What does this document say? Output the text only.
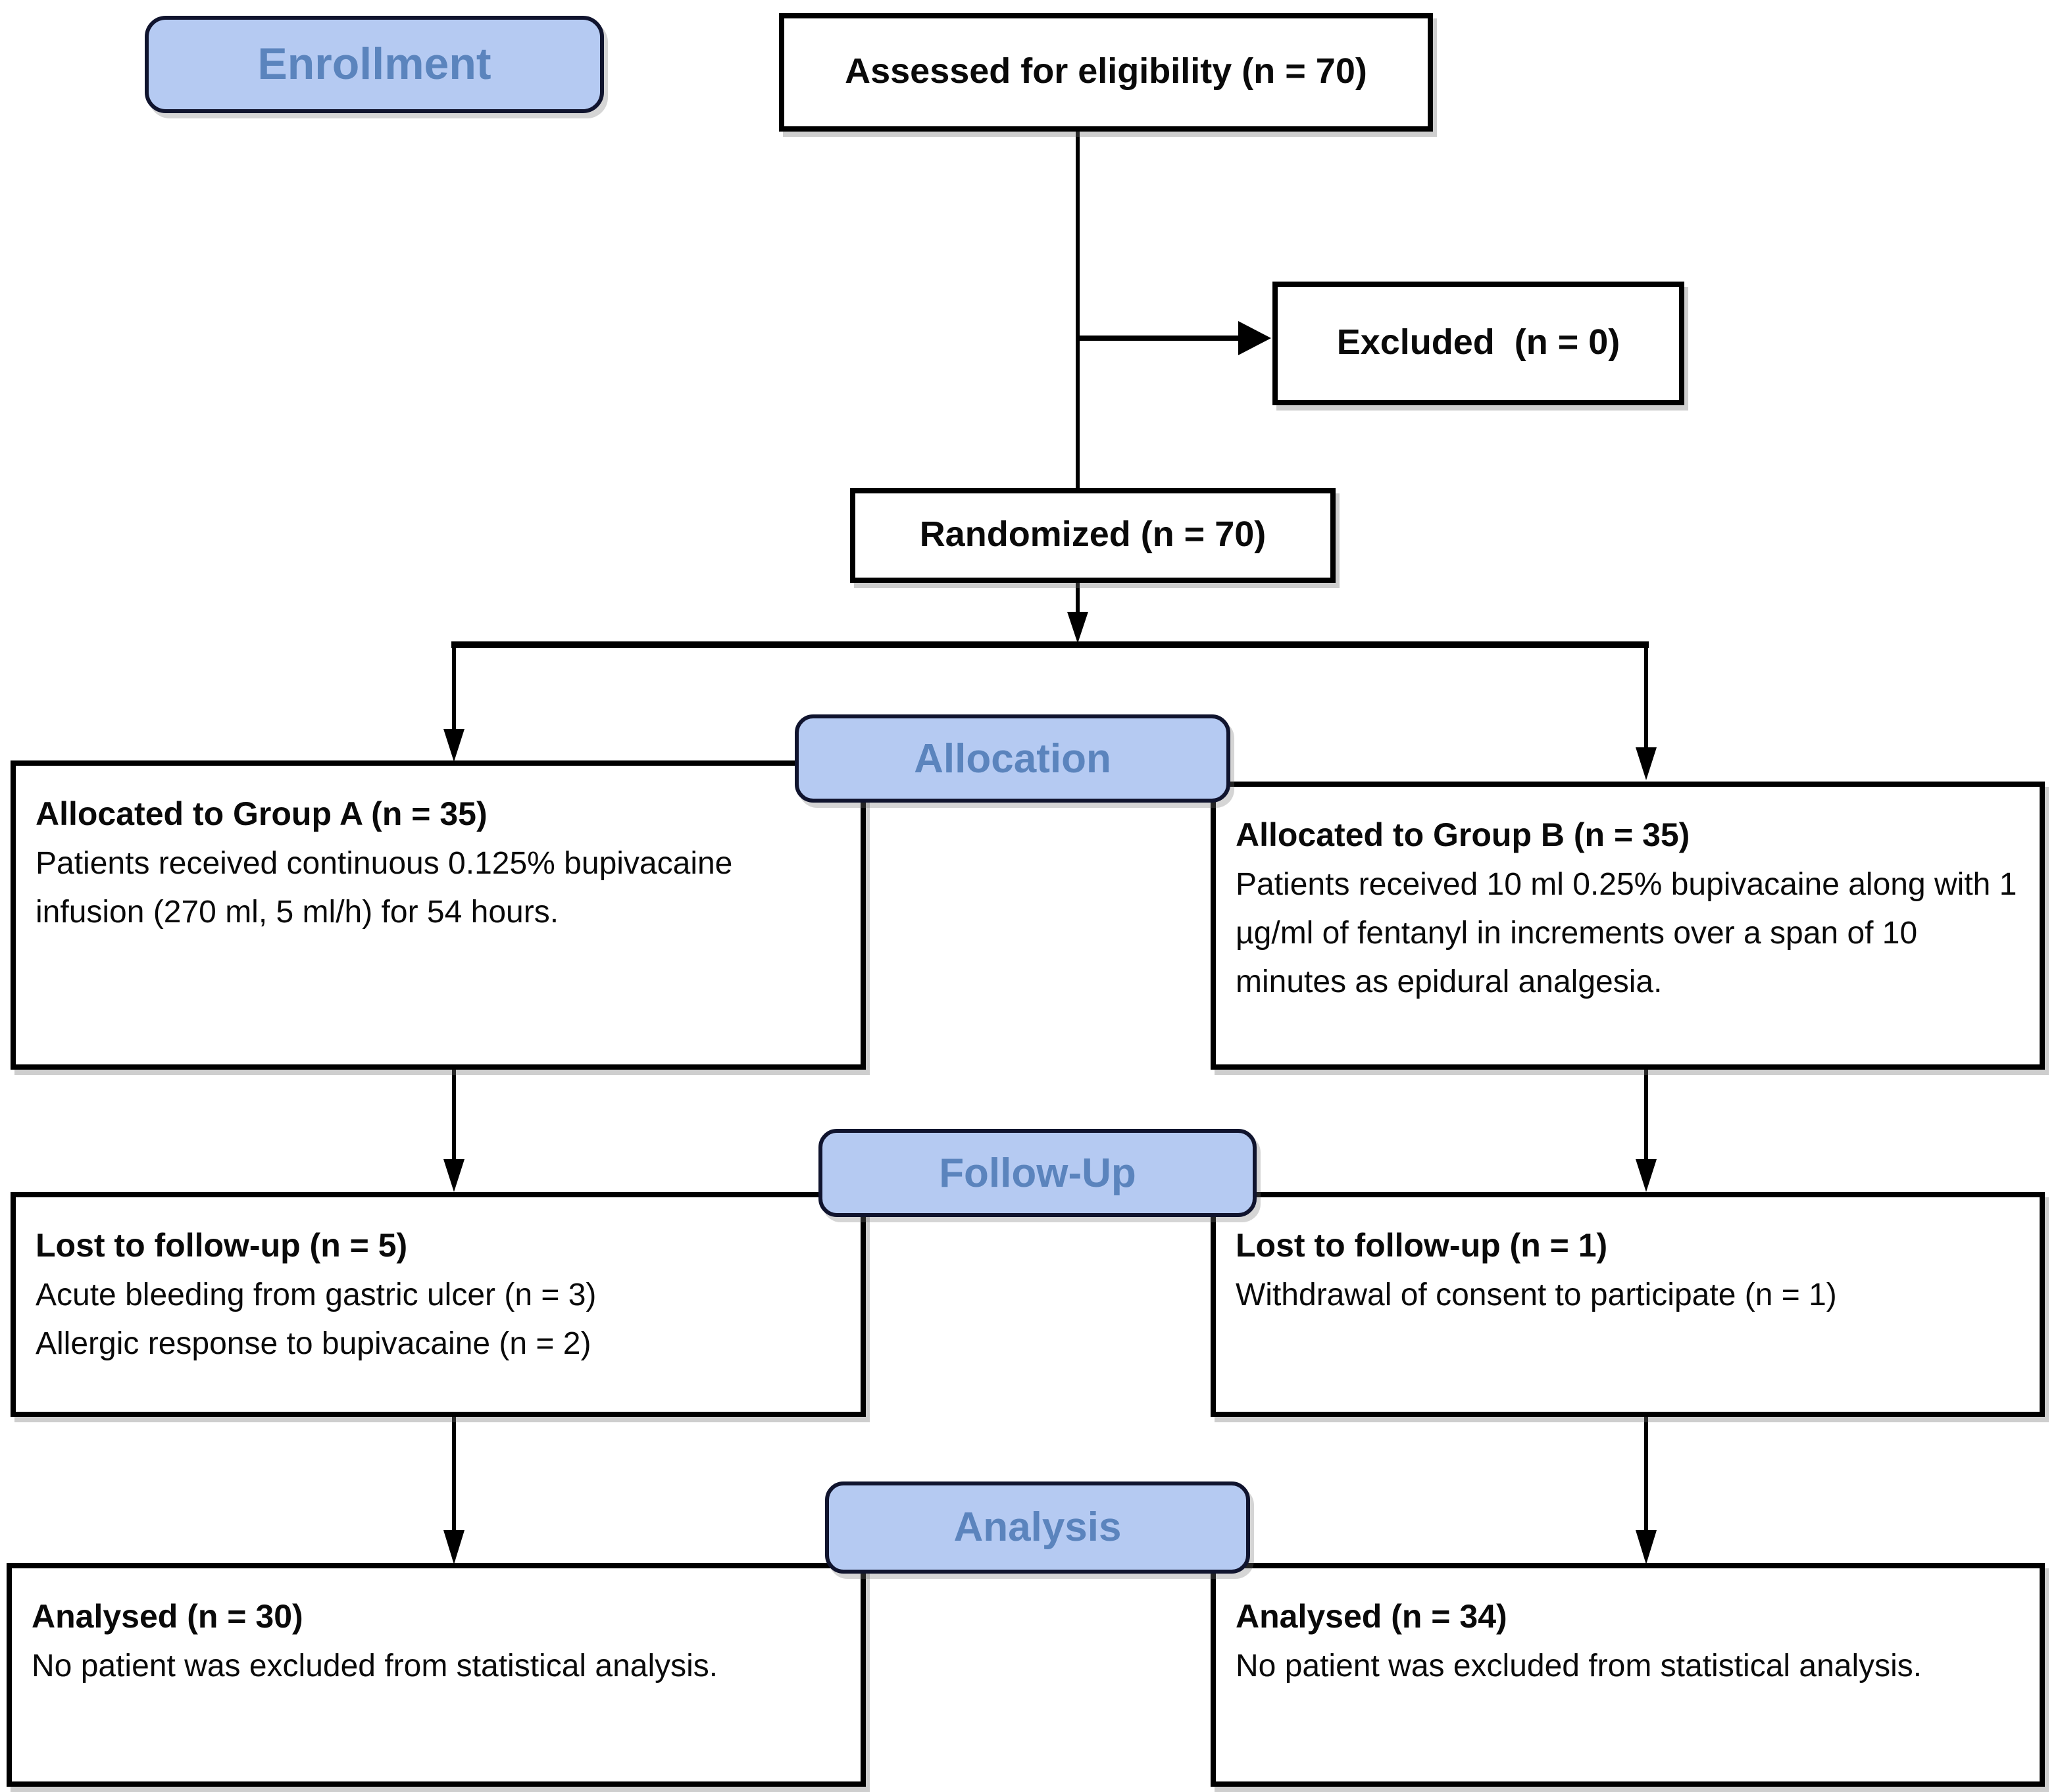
Enrollment
Allocation
Follow-Up
Analysis
Assessed for eligibility (n = 70)
Excluded  (n = 0)
Randomized (n = 70)
Allocated to Group A (n = 35)
Patients received continuous 0.125% bupivacaine infusion (270 ml, 5 ml/h) for 54 hours.
Allocated to Group B (n = 35)
Patients received 10 ml 0.25% bupivacaine along with 1 µg/ml of fentanyl in increments over a span of 10 minutes as epidural analgesia.
Lost to follow-up (n = 5)
Acute bleeding from gastric ulcer (n = 3)
Allergic response to bupivacaine (n = 2)
Lost to follow-up (n = 1)
Withdrawal of consent to participate (n = 1)
Analysed (n = 30)
No patient was excluded from statistical analysis.
Analysed (n = 34)
No patient was excluded from statistical analysis.
